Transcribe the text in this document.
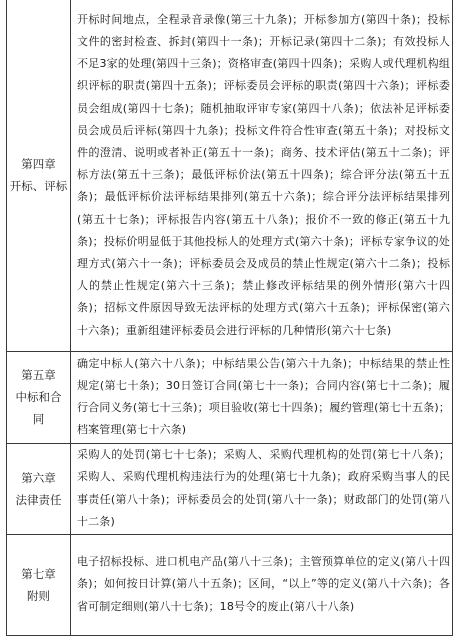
第四章
开标、评标	开标时间地点，全程录音录像(第三十九条)；开标参加方(第四十条)；投标文件的密封检查、拆封(第四十一条)；开标记录(第四十二条)；有效投标人不足3家的处理(第四十三条)；资格审查(第四十四条)；采购人或代理机构组织评标的职责(第四十五条)；评标委员会评标的职责(第四十六条)；评标委员会组成(第四十七条)；随机抽取评审专家(第四十八条)；依法补足评标委员会成员后评标(第四十九条)；投标文件符合性审查(第五十条)；对投标文件的澄清、说明或者补正(第五十一条)；商务、技术评估(第五十二条)；评标方法(第五十三条)；最低评标价法(第五十四条)；综合评分法(第五十五条)；最低评标价法评标结果排列(第五十六条)；综合评分法评标结果排列(第五十七条)；评标报告内容(第五十八条)；报价不一致的修正(第五十九条)；投标价明显低于其他投标人的处理方式(第六十条)；评标专家争议的处理方式(第六十一条)；评标委员会及成员的禁止性规定(第六十二条)；投标人的禁止性规定(第六十三条)；禁止修改评标结果的例外情形(第六十四条)；招标文件原因导致无法评标的处理方式(第六十五条)；评标保密(第六十六条)；重新组建评标委员会进行评标的几种情形(第六十七条)

第五章
中标和合
同	确定中标人(第六十八条)；中标结果公告(第六十九条)；中标结果的禁止性规定(第七十条)；30日签订合同(第七十一条)；合同内容(第七十二条)；履行合同义务(第七十三条)；项目验收(第七十四条)；履约管理(第七十五条)；档案管理(第七十六条)

第六章
法律责任	采购人的处罚(第七十七条)；采购人、采购代理机构的处罚(第七十八条)；采购人、采购代理机构违法行为的处理(第七十九条)；政府采购当事人的民事责任(第八十条)；评标委员会的处罚(第八十一条)；财政部门的处罚(第八十二条)

第七章
附则	电子招标投标、进口机电产品(第八十三条)；主管预算单位的定义(第八十四条)；如何按日计算(第八十五条)；区间，“以上”等的定义(第八十六条)；各省可制定细则(第八十七条)；18号令的废止(第八十八条)
